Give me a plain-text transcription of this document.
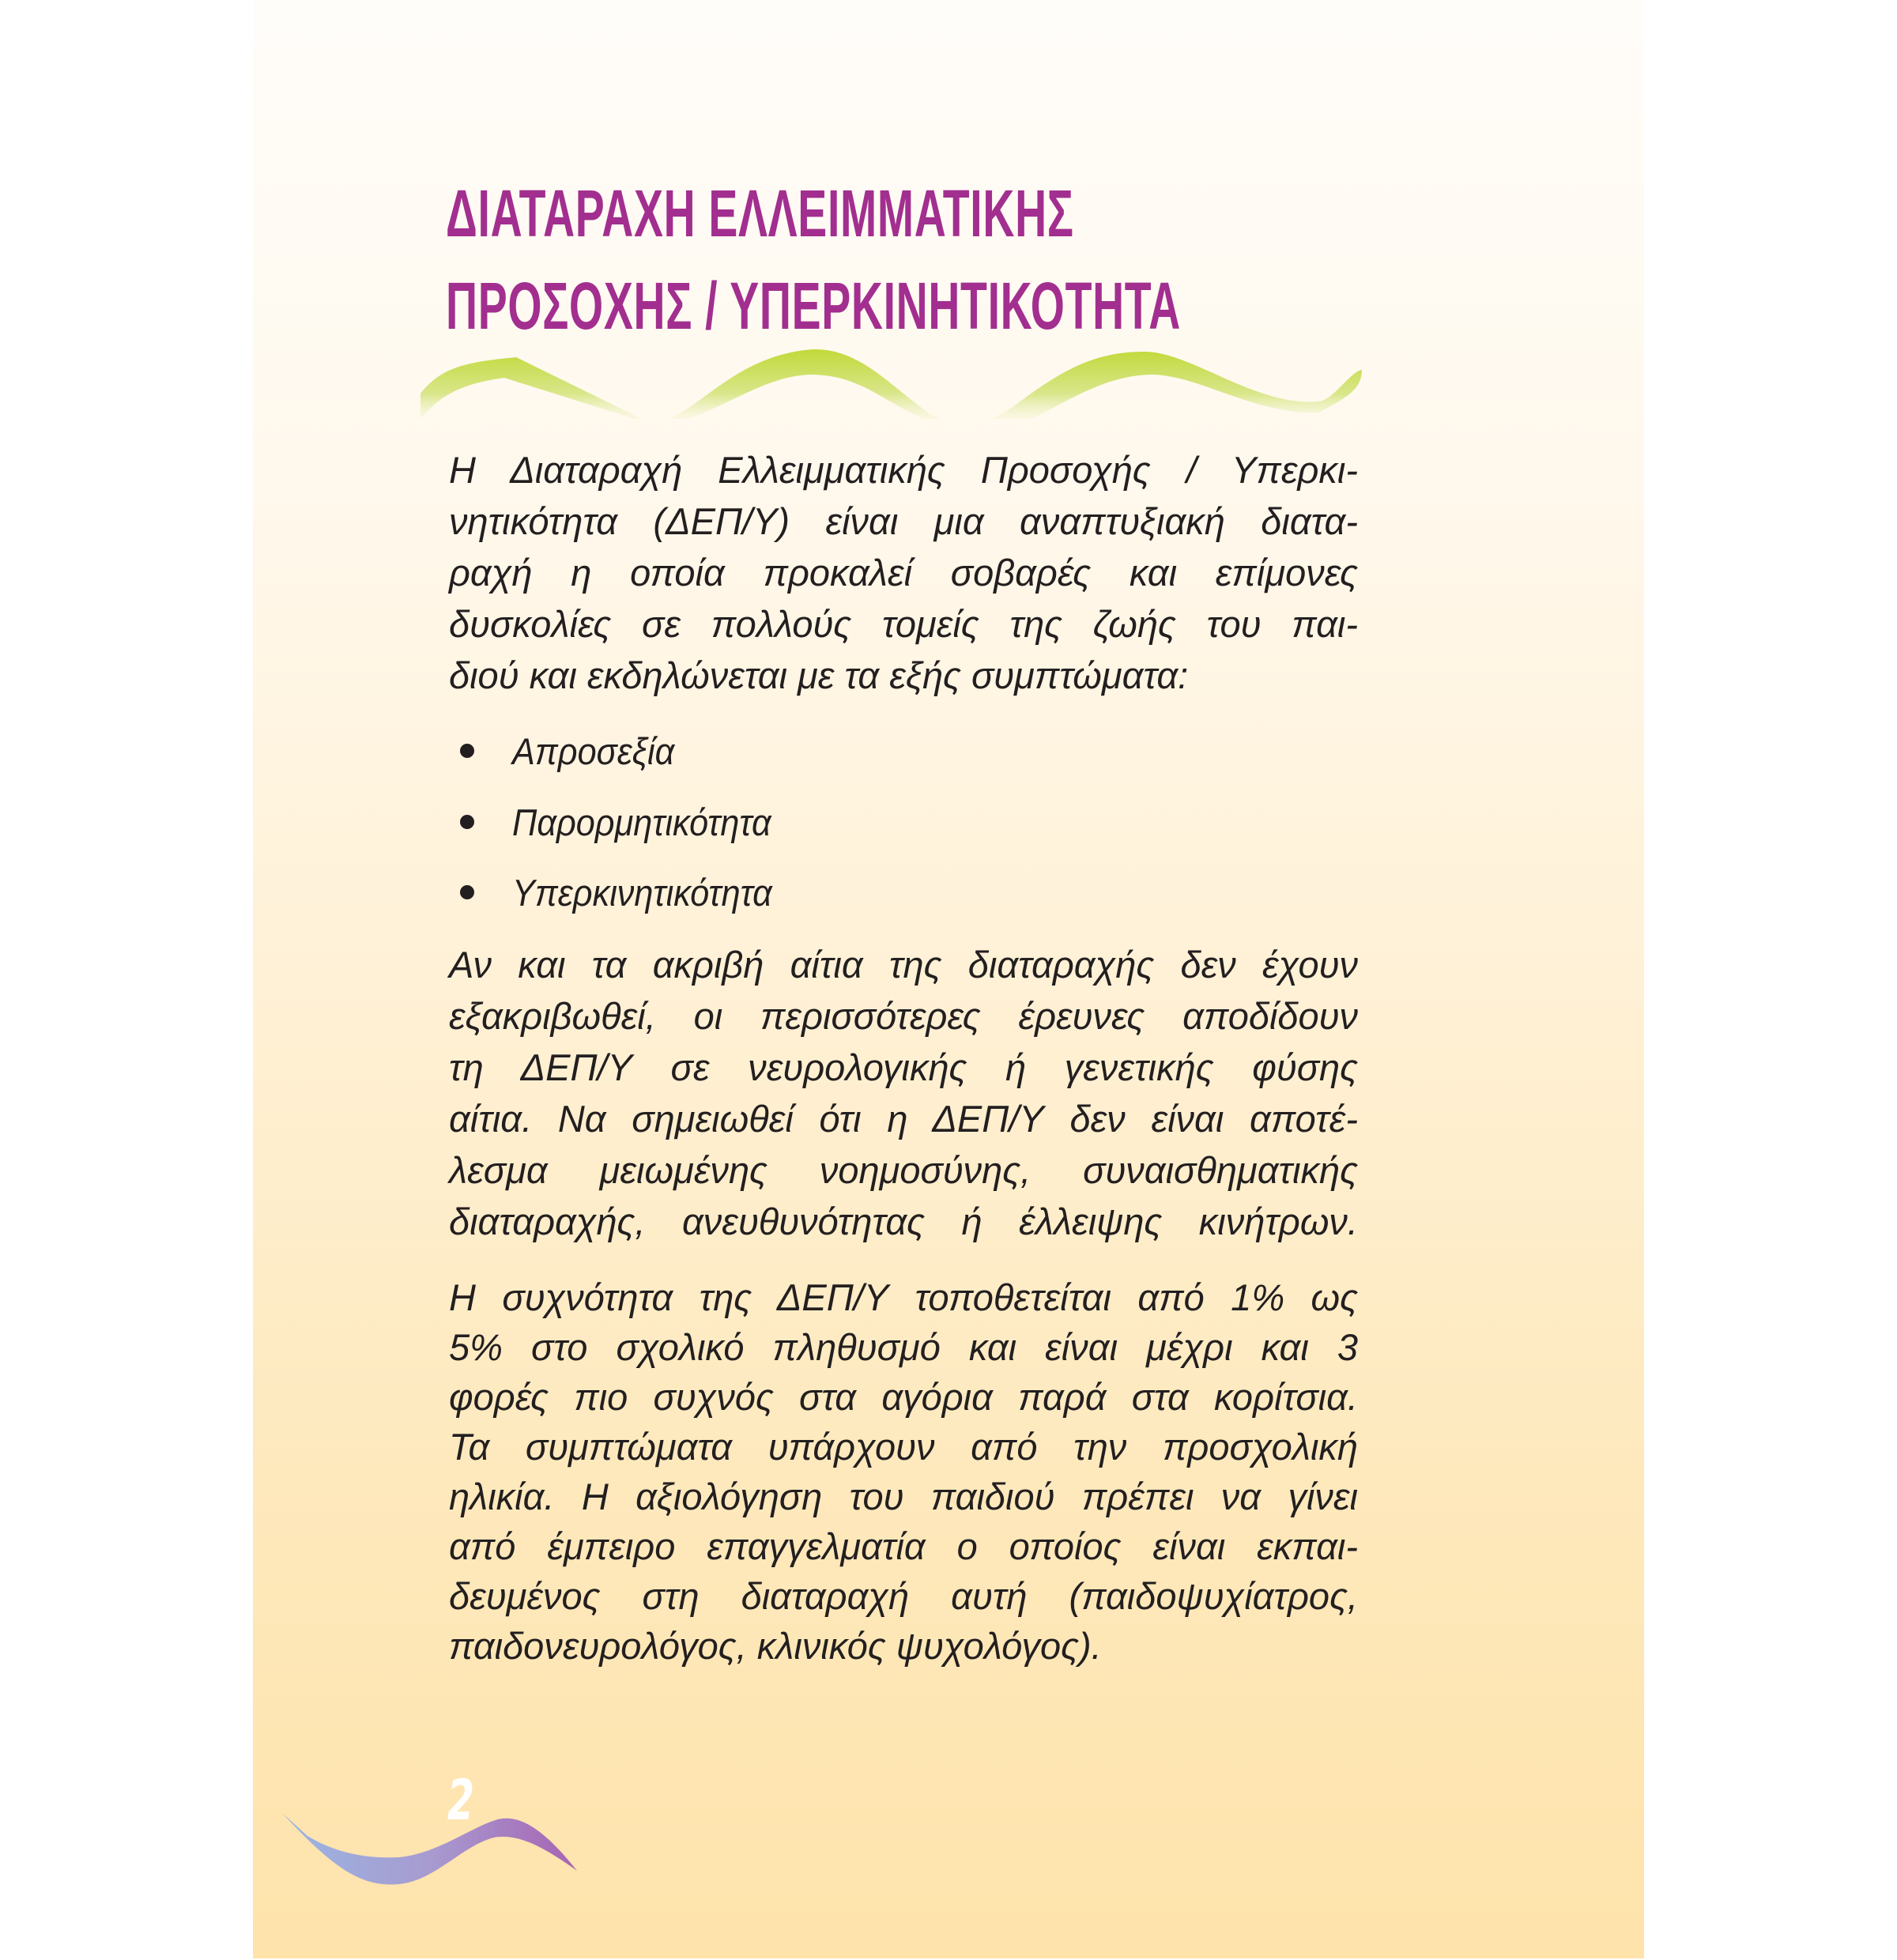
ΔΙΑΤΑΡΑΧΗ ΕΛΛΕΙΜΜΑΤΙΚΗΣ
ΠΡΟΣΟΧΗΣ / ΥΠΕΡΚΙΝΗΤΙΚΟΤΗΤΑ
Η Διαταραχή Ελλειμματικής Προσοχής / Υπερκι-
νητικότητα (ΔΕΠ/Υ) είναι μια αναπτυξιακή διατα-
ραχή η οποία προκαλεί σοβαρές και επίμονες
δυσκολίες σε πολλούς τομείς της ζωής του παι-
διού και εκδηλώνεται με τα εξής συμπτώματα:
Απροσεξία
Παρορμητικότητα
Υπερκινητικότητα
Αν και τα ακριβή αίτια της διαταραχής δεν έχουν
εξακριβωθεί, οι περισσότερες έρευνες αποδίδουν
τη ΔΕΠ/Υ σε νευρολογικής ή γενετικής φύσης
αίτια. Να σημειωθεί ότι η ΔΕΠ/Υ δεν είναι αποτέ-
λεσμα μειωμένης νοημοσύνης, συναισθηματικής
διαταραχής, ανευθυνότητας ή έλλειψης κινήτρων.
Η συχνότητα της ΔΕΠ/Υ τοποθετείται από 1% ως
5% στο σχολικό πληθυσμό και είναι μέχρι και 3
φορές πιο συχνός στα αγόρια παρά στα κορίτσια.
Τα συμπτώματα υπάρχουν από την προσχολική
ηλικία. Η αξιολόγηση του παιδιού πρέπει να γίνει
από έμπειρο επαγγελματία ο οποίος είναι εκπαι-
δευμένος στη διαταραχή αυτή (παιδοψυχίατρος,
παιδονευρολόγος, κλινικός ψυχολόγος).
2
